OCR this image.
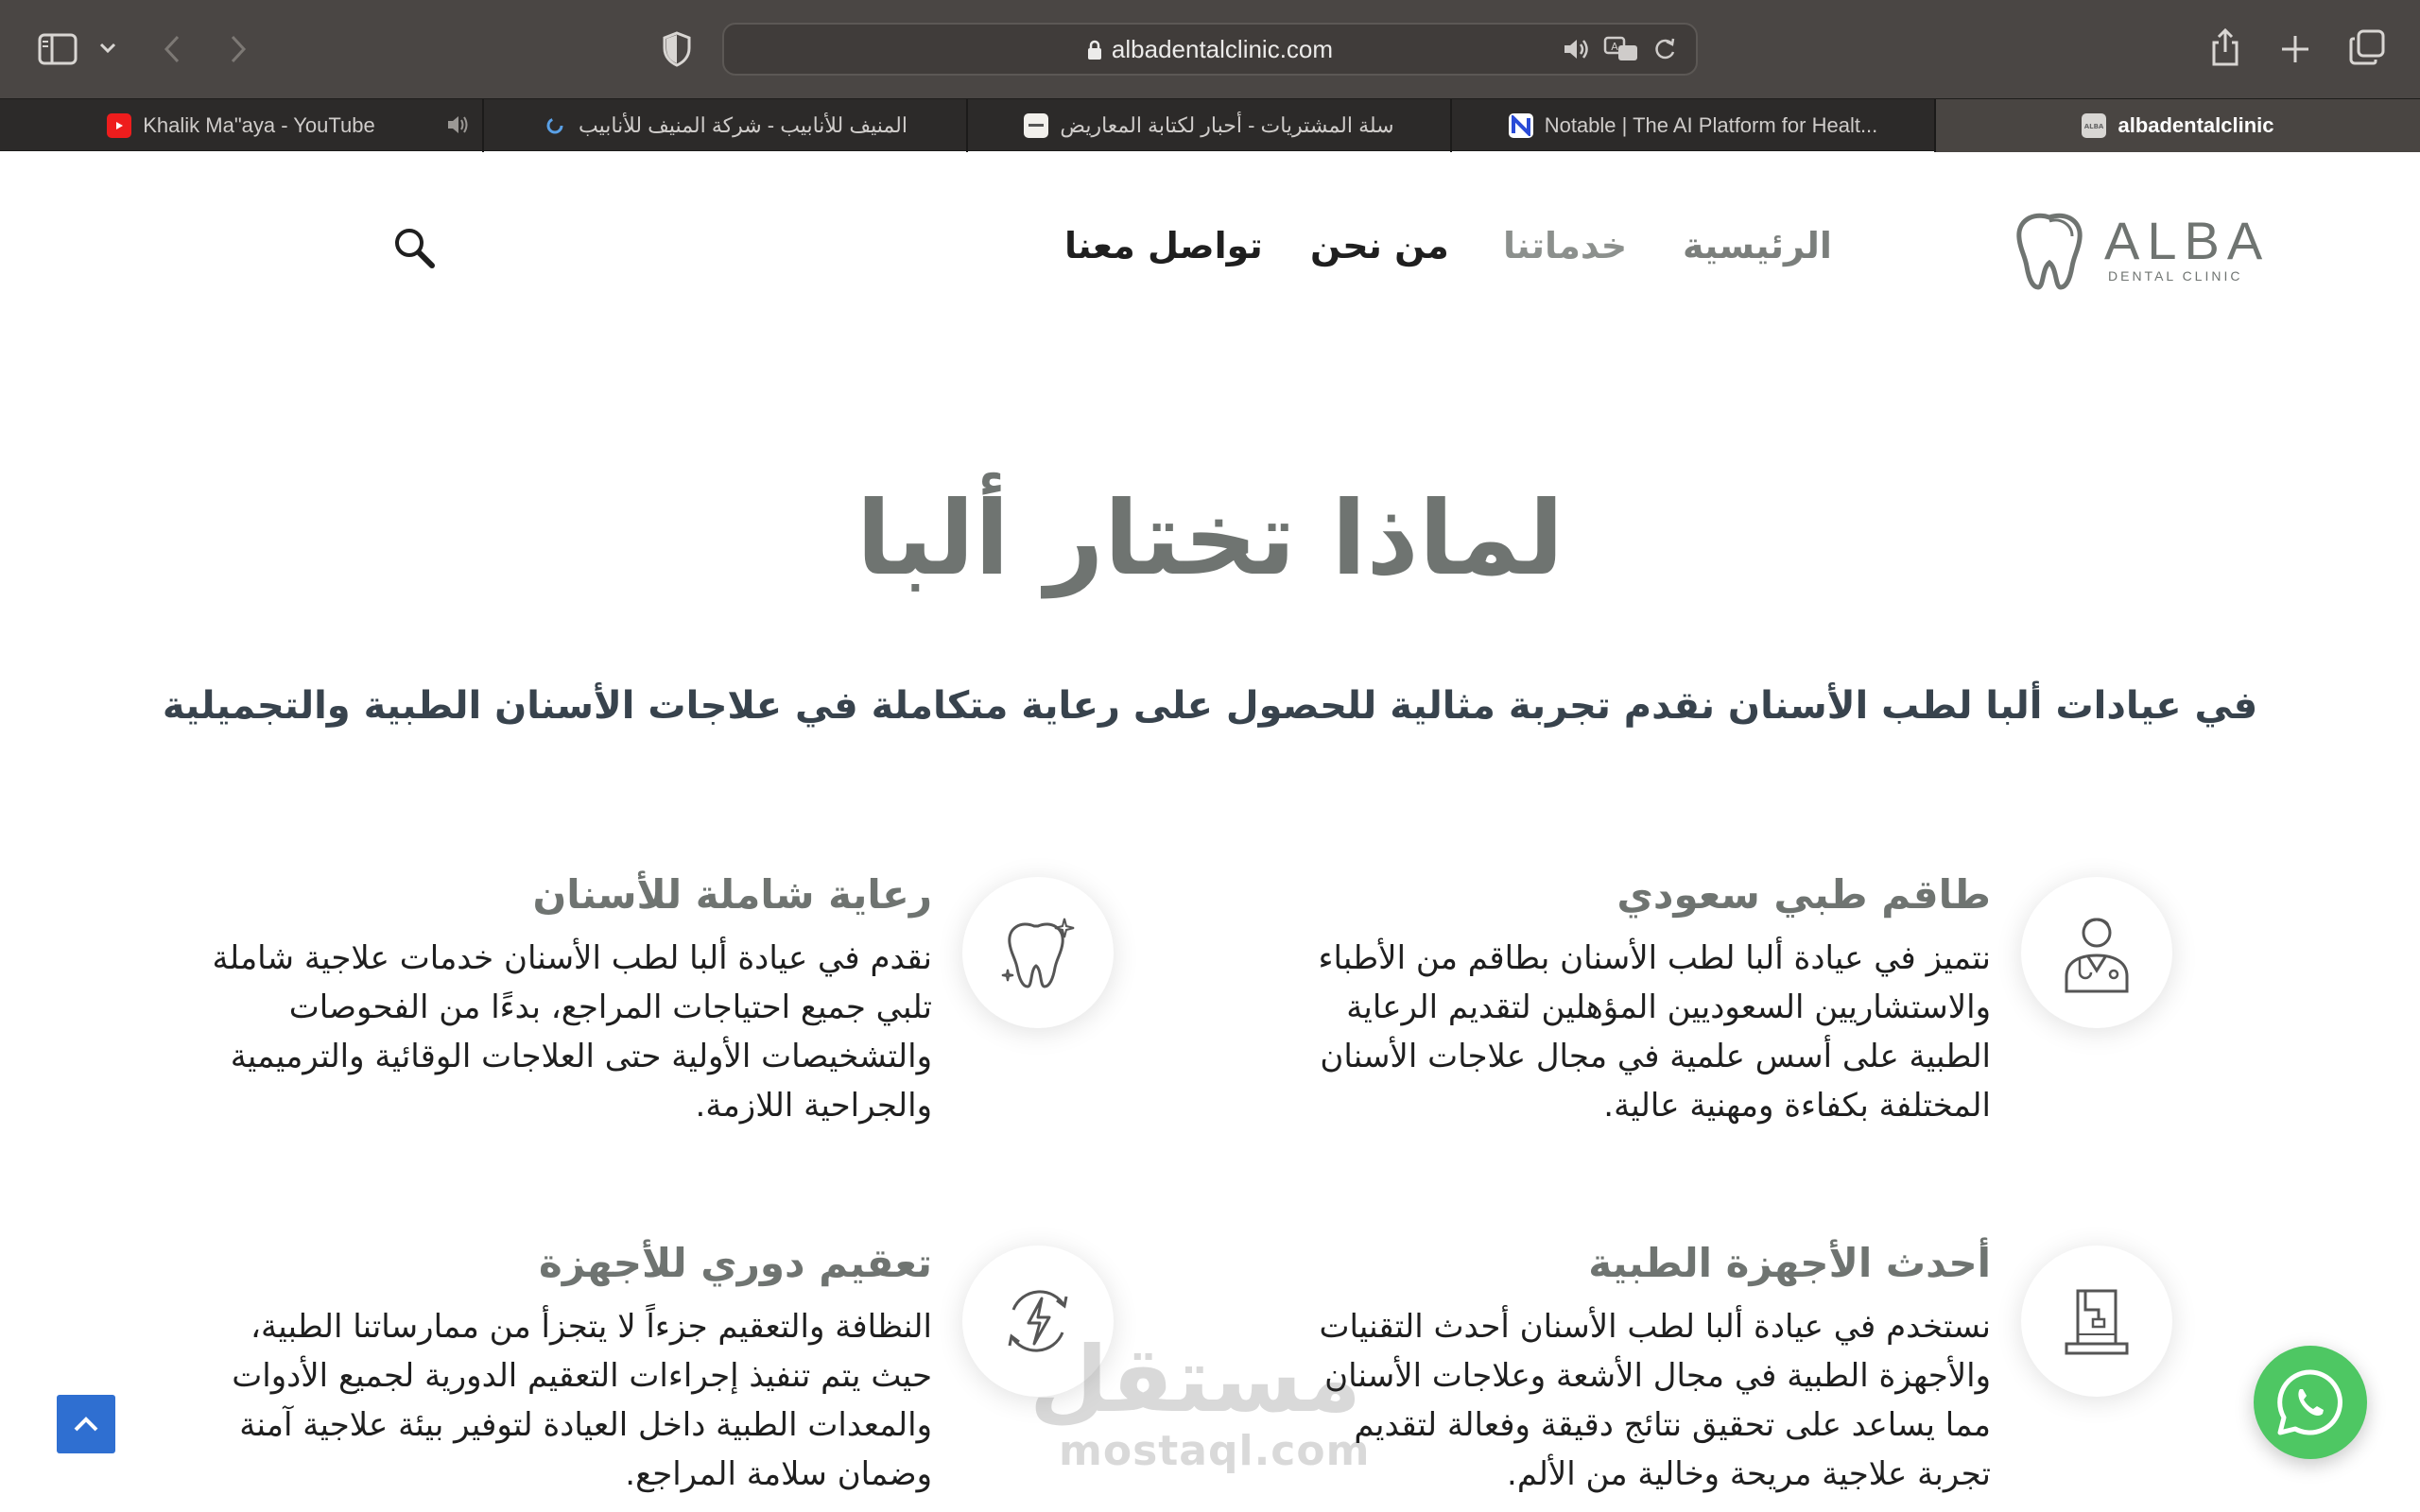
albadentalclinic.com	A
Khalik Ma"aya - YouTube	المنيف للأنابيب - شركة المنيف للأنابيب	سلة المشتريات - أحبار لكتابة المعاريض	Notable | The AI Platform for Healt...	ALBA albadentalclinic
ALBA
DENTAL CLINIC
الرئيسية
خدماتنا
من نحن
تواصل معنا
لماذا تختار ألبا
في عيادات ألبا لطب الأسنان نقدم تجربة مثالية للحصول على رعاية متكاملة في علاجات الأسنان الطبية والتجميلية
طاقم طبي سعودي
نتميز في عيادة ألبا لطب الأسنان بطاقم من الأطباء والاستشاريين السعوديين المؤهلين لتقديم الرعاية الطبية على أسس علمية في مجال علاجات الأسنان المختلفة بكفاءة ومهنية عالية.
رعاية شاملة للأسنان
نقدم في عيادة ألبا لطب الأسنان خدمات علاجية شاملة تلبي جميع احتياجات المراجع، بدءًا من الفحوصات والتشخيصات الأولية حتى العلاجات الوقائية والترميمية والجراحية اللازمة.
أحدث الأجهزة الطبية
نستخدم في عيادة ألبا لطب الأسنان أحدث التقنيات والأجهزة الطبية في مجال الأشعة وعلاجات الأسنان مما يساعد على تحقيق نتائج دقيقة وفعالة لتقديم تجربة علاجية مريحة وخالية من الألم.
تعقيم دوري للأجهزة
النظافة والتعقيم جزءاً لا يتجزأ من ممارساتنا الطبية، حيث يتم تنفيذ إجراءات التعقيم الدورية لجميع الأدوات والمعدات الطبية داخل العيادة لتوفير بيئة علاجية آمنة وضمان سلامة المراجع.
مستقل
mostaql.com
